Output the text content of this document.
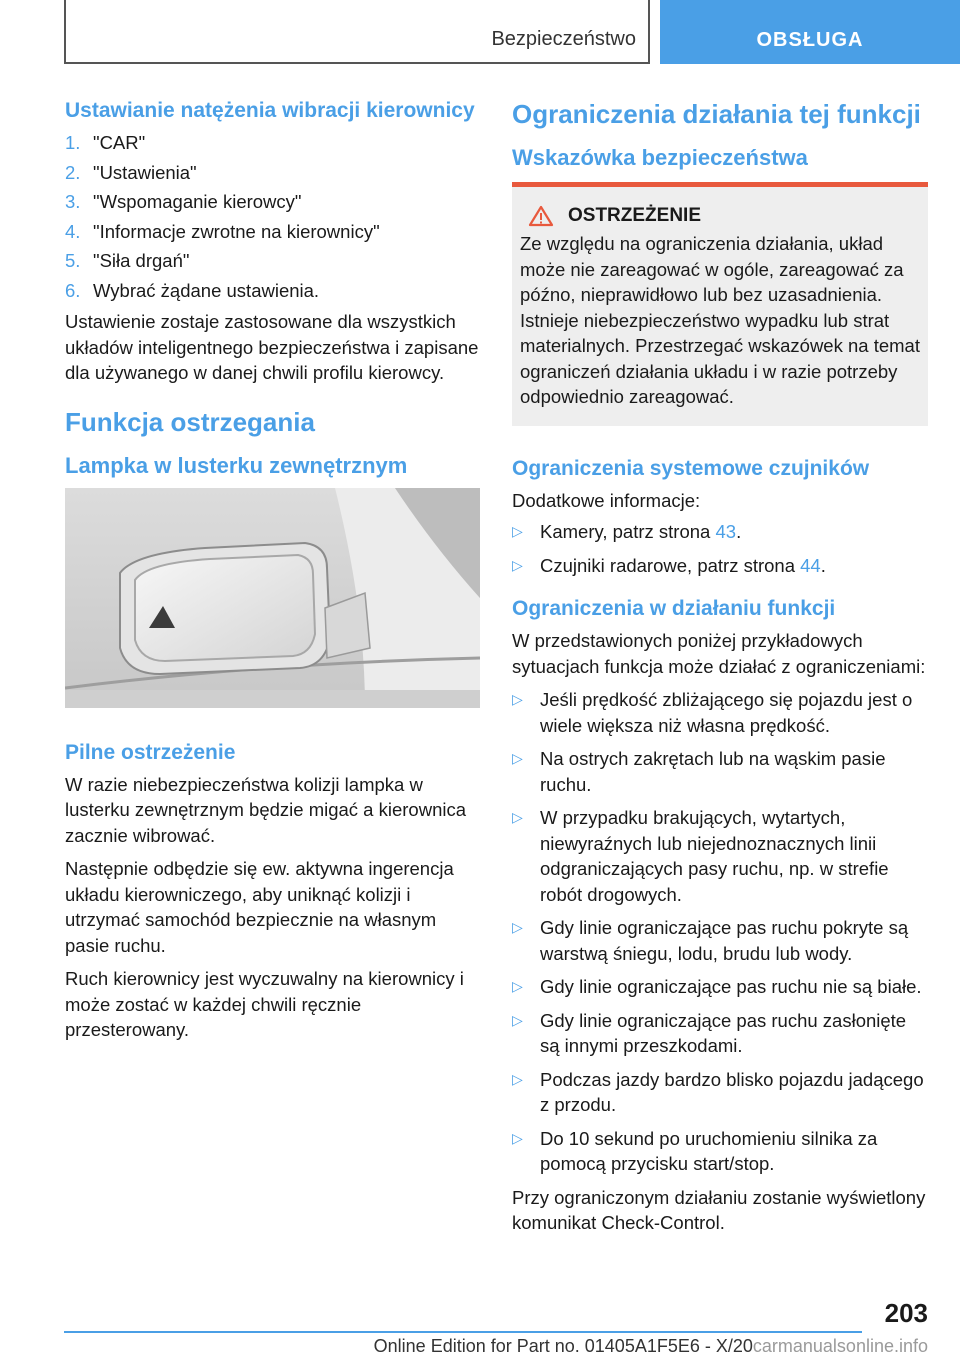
Bezpieczeństwo	OBSŁUGA
Ustawianie natężenia wibracji kierownicy
1. "CAR"
2. "Ustawienia"
3. "Wspomaganie kierowcy"
4. "Informacje zwrotne na kierownicy"
5. "Siła drgań"
6. Wybrać żądane ustawienia.

Ustawienie zostaje zastosowane dla wszystkich układów inteligentnego bezpieczeństwa i zapisane dla używanego w danej chwili profilu kierowcy.

Funkcja ostrzegania
Lampka w lusterku zewnętrznym
Pilne ostrzeżenie

W razie niebezpieczeństwa kolizji lampka w lusterku zewnętrznym będzie migać a kierownica zacznie wibrować.

Następnie odbędzie się ew. aktywna ingerencja układu kierowniczego, aby uniknąć kolizji i utrzymać samochód bezpiecznie na własnym pasie ruchu.

Ruch kierownicy jest wyczuwalny na kierownicy i może zostać w każdej chwili ręcznie przesterowany.

Ograniczenia działania tej funkcji
Wskazówka bezpieczeństwa
OSTRZEŻENIE

Ze względu na ograniczenia działania, układ może nie zareagować w ogóle, zareagować za późno, nieprawidłowo lub bez uzasadnienia. Istnieje niebezpieczeństwo wypadku lub strat materialnych. Przestrzegać wskazówek na temat ograniczeń działania układu i w razie potrzeby odpowiednio zareagować.

Ograniczenia systemowe czujników

Dodatkowe informacje:

▷ Kamery, patrz strona 43.
▷ Czujniki radarowe, patrz strona 44.
Ograniczenia w działaniu funkcji

W przedstawionych poniżej przykładowych sytuacjach funkcja może działać z ograniczeniami:

▷ Jeśli prędkość zbliżającego się pojazdu jest o wiele większa niż własna prędkość.
▷ Na ostrych zakrętach lub na wąskim pasie ruchu.
▷ W przypadku brakujących, wytartych, niewyraźnych lub niejednoznacznych linii odgraniczających pasy ruchu, np. w strefie robót drogowych.
▷ Gdy linie ograniczające pas ruchu pokryte są warstwą śniegu, lodu, brudu lub wody.
▷ Gdy linie ograniczające pas ruchu nie są białe.
▷ Gdy linie ograniczające pas ruchu zasłonięte są innymi przeszkodami.
▷ Podczas jazdy bardzo blisko pojazdu jadącego z przodu.
▷ Do 10 sekund po uruchomieniu silnika za pomocą przycisku start/stop.

Przy ograniczonym działaniu zostanie wyświetlony komunikat Check-Control.

203
Online Edition for Part no. 01405A1F5E6 - X/20carmanualsonline.info
